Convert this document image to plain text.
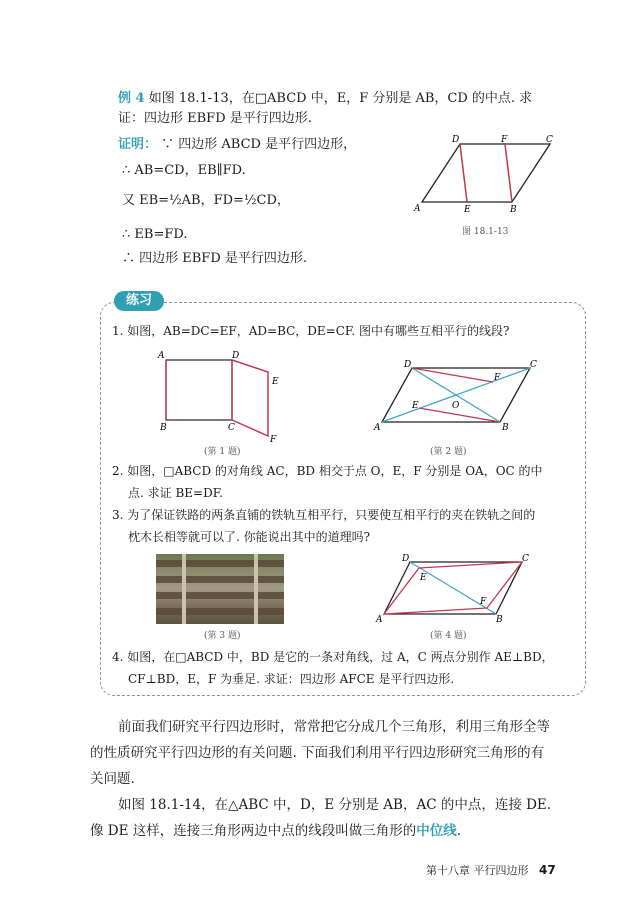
例 4 如图 18.1-13，在□ABCD 中，E，F 分别是 AB，CD 的中点. 求
证：四边形 EBFD 是平行四边形.
证明： ∵ 四边形 ABCD 是平行四边形，
∴ AB=CD，EB∥FD.
又 EB=½AB，FD=½CD，
∴ EB=FD.
∴ 四边形 EBFD 是平行四边形.
D	F	C
A	E	B
图 18.1-13
练习
1. 如图，AB=DC=EF，AD=BC，DE=CF. 图中有哪些互相平行的线段?
A	D
E
B	C
F
(第 1 题)
D	C
A	B
E	O
F
(第 2 题)
2. 如图，□ABCD 的对角线 AC，BD 相交于点 O，E，F 分别是 OA，OC 的中
点. 求证 BE=DF.
3. 为了保证铁路的两条直铺的铁轨互相平行，只要使互相平行的夹在铁轨之间的
枕木长相等就可以了. 你能说出其中的道理吗?
(第 3 题)
D	C
A	B
E
F
(第 4 题)
4. 如图，在□ABCD 中，BD 是它的一条对角线，过 A，C 两点分别作 AE⊥BD，
CF⊥BD，E，F 为垂足. 求证：四边形 AFCE 是平行四边形.
前面我们研究平行四边形时，常常把它分成几个三角形，利用三角形全等
的性质研究平行四边形的有关问题. 下面我们利用平行四边形研究三角形的有
关问题.
如图 18.1-14，在△ABC 中，D，E 分别是 AB，AC 的中点，连接 DE.
像 DE 这样，连接三角形两边中点的线段叫做三角形的中位线.
第十八章 平行四边形 47
